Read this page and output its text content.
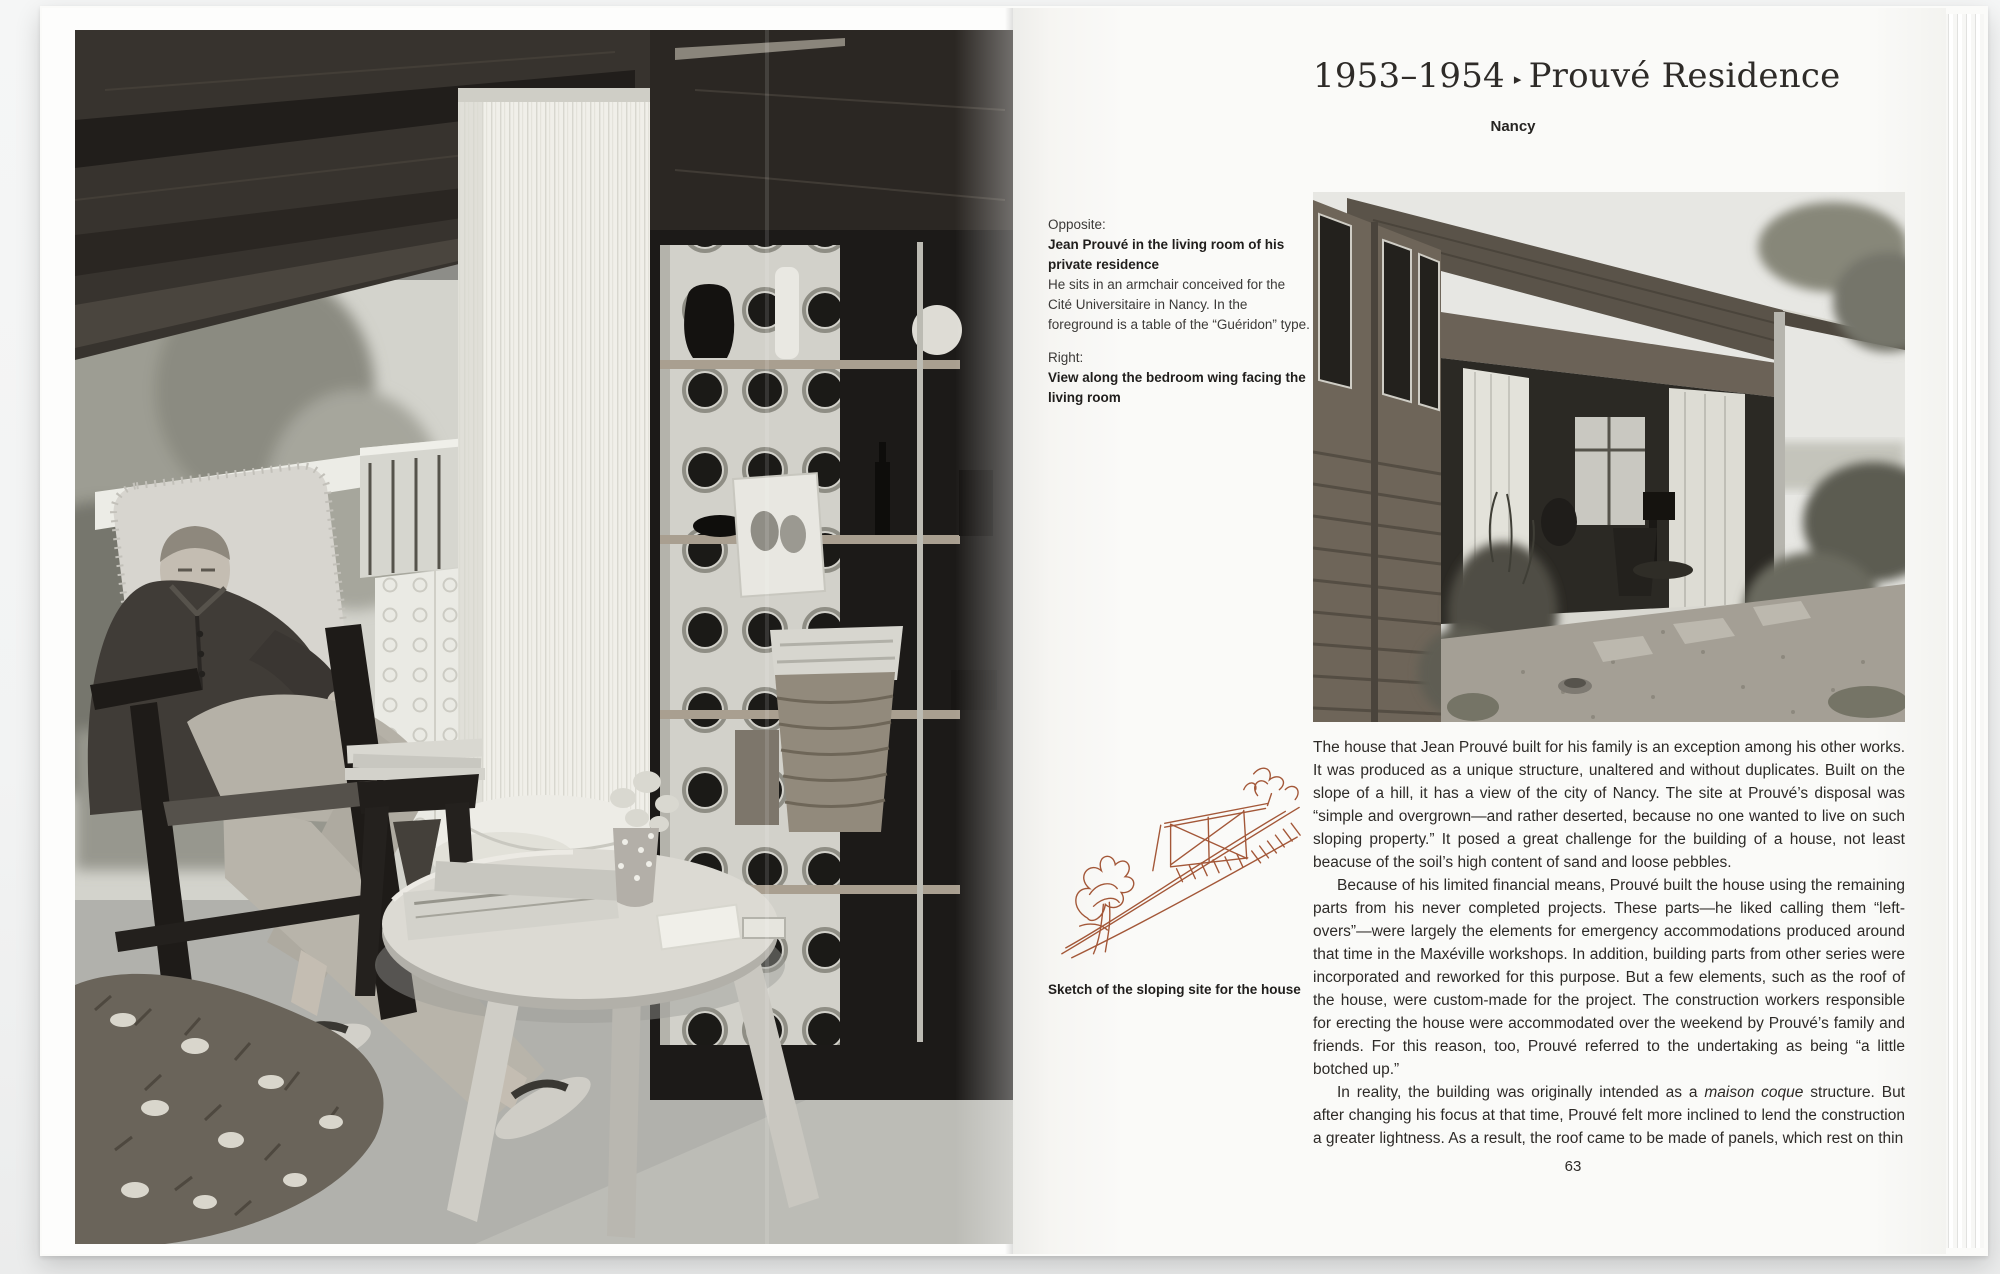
1953–1954 ▸ Prouvé Residence
Nancy
Opposite:
Jean Prouvé in the living room of his private residence
He sits in an armchair conceived for the Cité Universitaire in Nancy. In the foreground is a table of the “Guéridon” type.
Right:
View along the bedroom wing facing the living room
Sketch of the sloping site for the house

The house that Jean Prouvé built for his family is an exception among his other works. It was produced as a unique structure, unaltered and without duplicates. Built on the slope of a hill, it has a view of the city of Nancy. The site at Prouvé’s disposal was “simple and overgrown—and rather deserted, because no one wanted to live on such sloping property.” It posed a great challenge for the building of a house, not least beacuse of the soil’s high content of sand and loose pebbles.

Because of his limited financial means, Prouvé built the house using the remaining parts from his never completed projects. These parts—he liked calling them “left-overs”—were largely the elements for emergency accommodations produced around that time in the Maxéville workshops. In addition, building parts from other series were incorporated and reworked for this purpose. But a few elements, such as the roof of the house, were custom-made for the project. The construction workers responsible for erecting the house were accommodated over the weekend by Prouvé’s family and friends. For this reason, too, Prouvé referred to the undertaking as being “a little botched up.”

In reality, the building was originally intended as a maison coque structure. But after changing his focus at that time, Prouvé felt more inclined to lend the construction a greater lightness. As a result, the roof came to be made of panels, which rest on thin

63
